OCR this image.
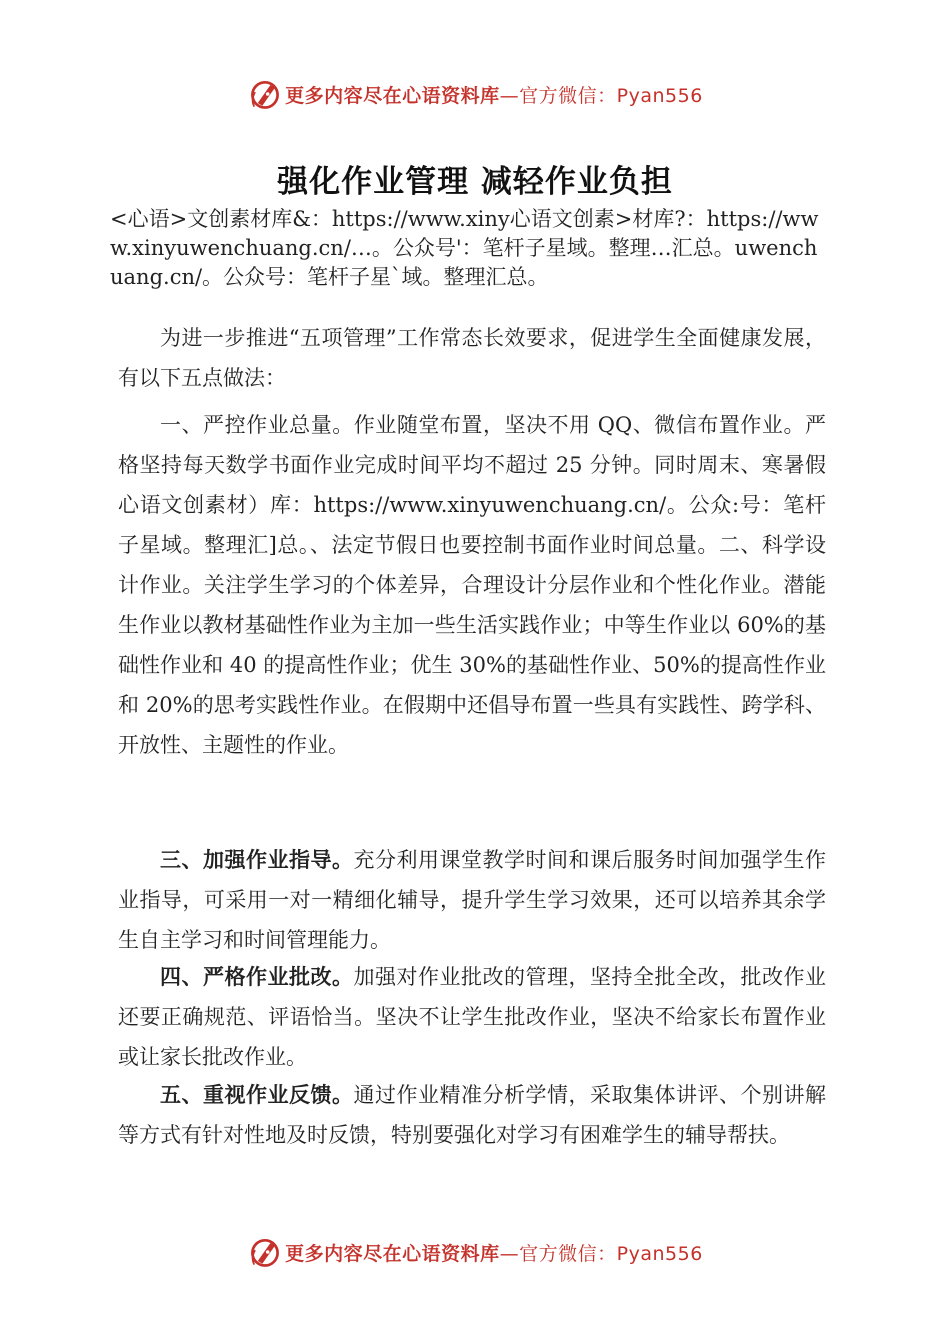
更多内容尽在心语资料库—官方微信：Pyan556
强化作业管理 减轻作业负担

<心语>文创素材库&：https://www.xiny心语文创素>材库?：https://www.xinyuwenchuang.cn/…。公众号'：笔杆子星域。整理…汇总。uwenchuang.cn/。公众号：笔杆子星`域。整理汇总。

为进一步推进“五项管理”工作常态长效要求，促进学生全面健康发展，有以下五点做法：

一、严控作业总量。作业随堂布置，坚决不用 QQ、微信布置作业。严格坚持每天数学书面作业完成时间平均不超过 25 分钟。同时周末、寒暑假心语文创素材）库：https://www.xinyuwenchuang.cn/。公众:号：笔杆子星域。整理汇]总。、法定节假日也要控制书面作业时间总量。二、科学设计作业。关注学生学习的个体差异，合理设计分层作业和个性化作业。潜能生作业以教材基础性作业为主加一些生活实践作业；中等生作业以 60%的基础性作业和 40 的提高性作业；优生 30%的基础性作业、50%的提高性作业和 20%的思考实践性作业。在假期中还倡导布置一些具有实践性、跨学科、开放性、主题性的作业。

三、加强作业指导。充分利用课堂教学时间和课后服务时间加强学生作业指导，可采用一对一精细化辅导，提升学生学习效果，还可以培养其余学生自主学习和时间管理能力。

四、严格作业批改。加强对作业批改的管理，坚持全批全改，批改作业还要正确规范、评语恰当。坚决不让学生批改作业，坚决不给家长布置作业或让家长批改作业。

五、重视作业反馈。通过作业精准分析学情，采取集体讲评、个别讲解等方式有针对性地及时反馈，特别要强化对学习有困难学生的辅导帮扶。

更多内容尽在心语资料库—官方微信：Pyan556
